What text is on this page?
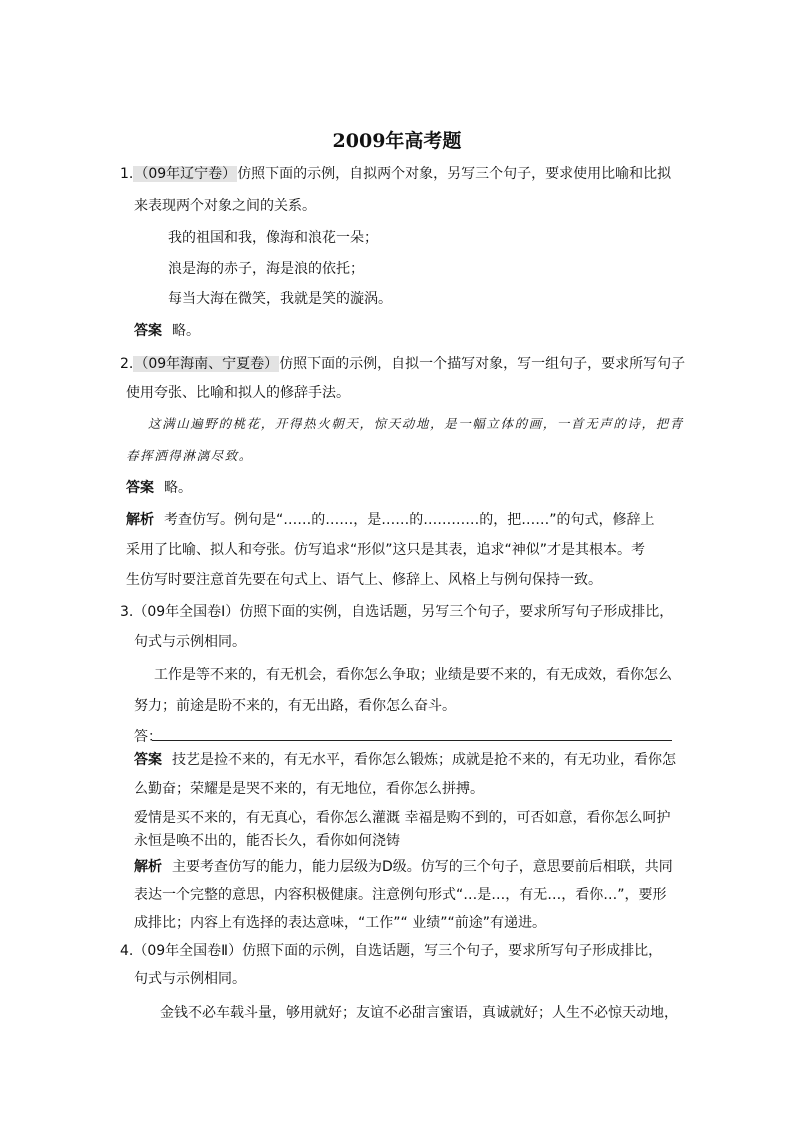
2009年高考题
1.（09年辽宁卷）仿照下面的示例，自拟两个对象，另写三个句子，要求使用比喻和比拟
来表现两个对象之间的关系。
我的祖国和我，像海和浪花一朵；
浪是海的赤子，海是浪的依托；
每当大海在微笑，我就是笑的漩涡。
答案 略。
2.（09年海南、宁夏卷）仿照下面的示例，自拟一个描写对象，写一组句子，要求所写句子
使用夸张、比喻和拟人的修辞手法。
这满山遍野的桃花，开得热火朝天，惊天动地，是一幅立体的画，一首无声的诗，把青
春挥洒得淋漓尽致。
答案 略。
解析 考查仿写。例句是“……的……，是……的…………的，把……”的句式，修辞上
采用了比喻、拟人和夸张。仿写追求“形似”这只是其表，追求“神似”才是其根本。考
生仿写时要注意首先要在句式上、语气上、修辞上、风格上与例句保持一致。
3.（09年全国卷Ⅰ）仿照下面的实例，自选话题，另写三个句子，要求所写句子形成排比，
句式与示例相同。
工作是等不来的，有无机会，看你怎么争取；业绩是要不来的，有无成效，看你怎么
努力；前途是盼不来的，有无出路，看你怎么奋斗。
答：
答案 技艺是捡不来的，有无水平，看你怎么锻炼；成就是抢不来的，有无功业，看你怎
么勤奋；荣耀是是哭不来的，有无地位，看你怎么拼搏。
爱情是买不来的，有无真心，看你怎么灌溉 幸福是购不到的，可否如意，看你怎么呵护
永恒是唤不出的，能否长久，看你如何浇铸
解析 主要考查仿写的能力，能力层级为D级。仿写的三个句子，意思要前后相联，共同
表达一个完整的意思，内容积极健康。注意例句形式“…是…，有无…，看你…”，要形
成排比；内容上有选择的表达意味，“工作”“ 业绩”“前途”有递进。
4.（09年全国卷Ⅱ）仿照下面的示例，自选话题，写三个句子，要求所写句子形成排比，
句式与示例相同。
金钱不必车载斗量，够用就好；友谊不必甜言蜜语，真诚就好；人生不必惊天动地，
